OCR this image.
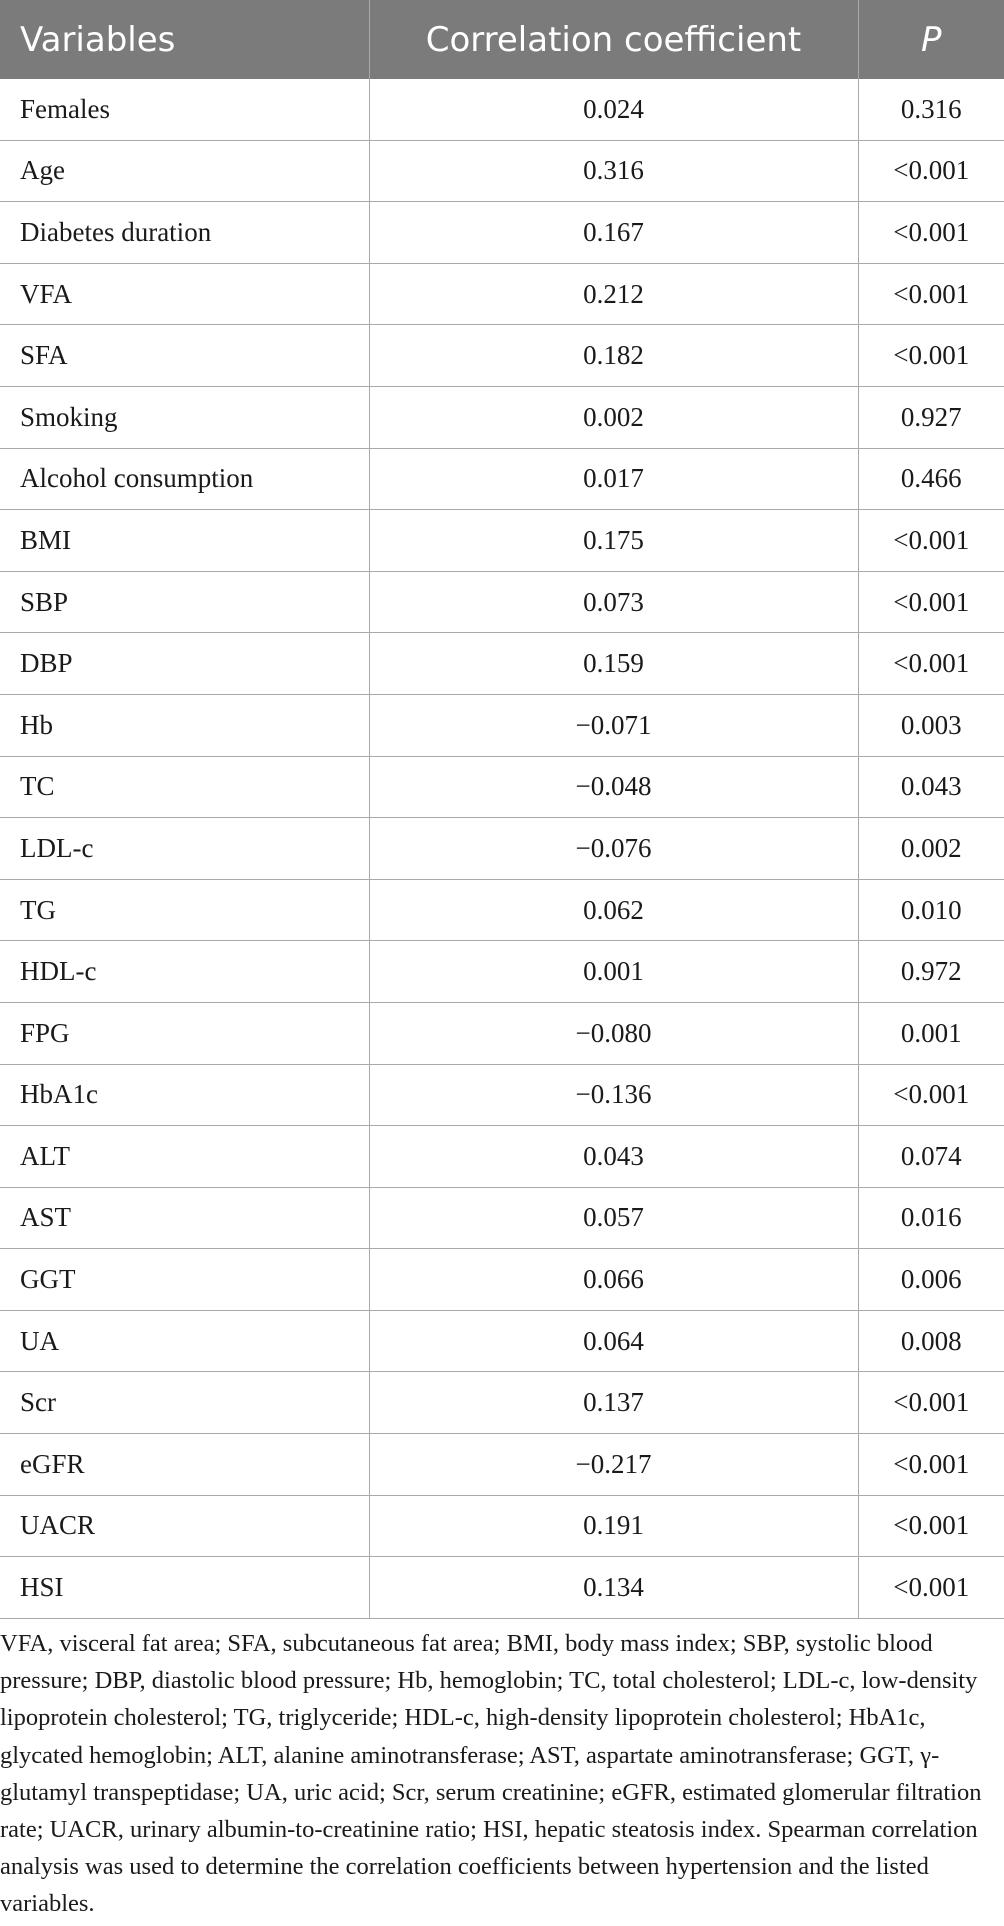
Variables	Correlation coefficient	P
Females	0.024	0.316
Age	0.316	<0.001
Diabetes duration	0.167	<0.001
VFA	0.212	<0.001
SFA	0.182	<0.001
Smoking	0.002	0.927
Alcohol consumption	0.017	0.466
BMI	0.175	<0.001
SBP	0.073	<0.001
DBP	0.159	<0.001
Hb	−0.071	0.003
TC	−0.048	0.043
LDL-c	−0.076	0.002
TG	0.062	0.010
HDL-c	0.001	0.972
FPG	−0.080	0.001
HbA1c	−0.136	<0.001
ALT	0.043	0.074
AST	0.057	0.016
GGT	0.066	0.006
UA	0.064	0.008
Scr	0.137	<0.001
eGFR	−0.217	<0.001
UACR	0.191	<0.001
HSI	0.134	<0.001

VFA, visceral fat area; SFA, subcutaneous fat area; BMI, body mass index; SBP, systolic blood pressure; DBP, diastolic blood pressure; Hb, hemoglobin; TC, total cholesterol; LDL-c, low-density lipoprotein cholesterol; TG, triglyceride; HDL-c, high-density lipoprotein cholesterol; HbA1c, glycated hemoglobin; ALT, alanine aminotransferase; AST, aspartate aminotransferase; GGT, γ-glutamyl transpeptidase; UA, uric acid; Scr, serum creatinine; eGFR, estimated glomerular filtration rate; UACR, urinary albumin-to-creatinine ratio; HSI, hepatic steatosis index. Spearman correlation analysis was used to determine the correlation coefficients between hypertension and the listed variables.
